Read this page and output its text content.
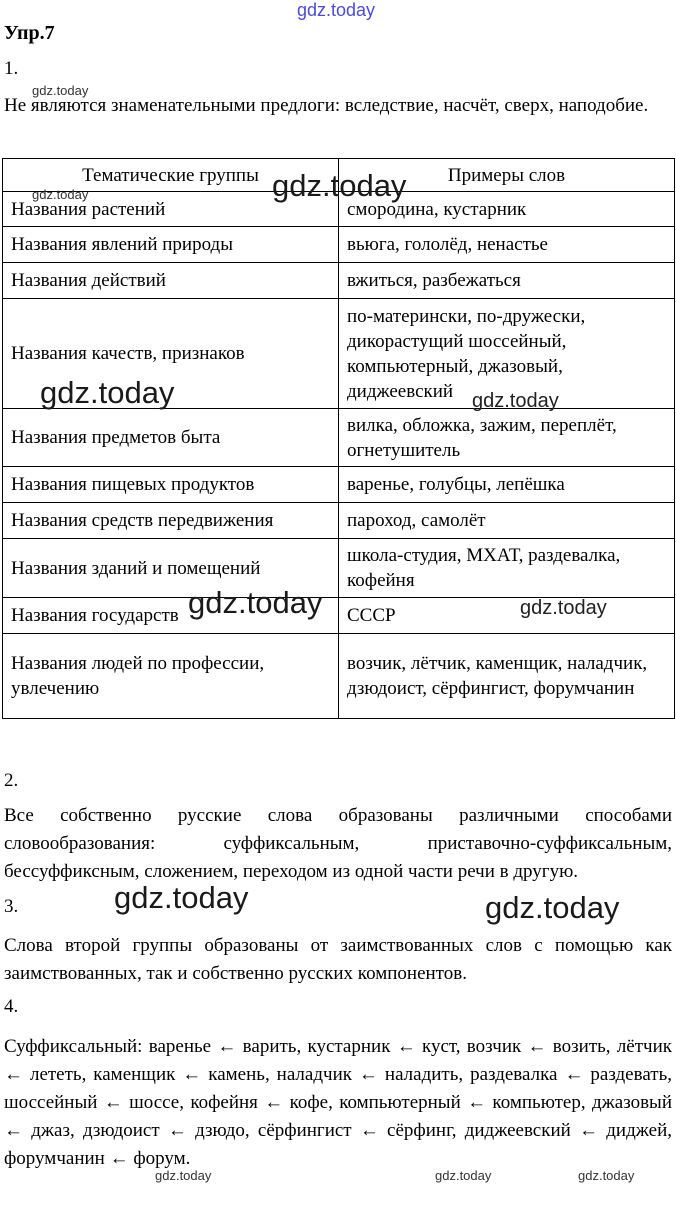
Упр.7
1.
Не являются знаменательными предлоги: вследствие, насчёт, сверх, наподобие.
Тематические группы	Примеры слов
Названия растений	смородина, кустарник
Названия явлений природы	вьюга, гололёд, ненастье
Названия действий	вжиться, разбежаться
Названия качеств, признаков	по-матерински, по-дружески, дикорастущий шоссейный, компьютерный, джазовый, диджеевский
Названия предметов быта	вилка, обложка, зажим, переплёт, огнетушитель
Названия пищевых продуктов	варенье, голубцы, лепёшка
Названия средств передвижения	пароход, самолёт
Названия зданий и помещений	школа-студия, МХАТ, раздевалка, кофейня
Названия государств	СССР
Названия людей по профессии, увлечению	возчик, лётчик, каменщик, наладчик, дзюдоист, сёрфингист, форумчанин
2.
Все собственно русские слова образованы различными способами словообразования: суффиксальным, приставочно-суффиксальным, бессуффиксным, сложением, переходом из одной части речи в другую.
3.
Слова второй группы образованы от заимствованных слов с помощью как заимствованных, так и собственно русских компонентов.
4.
Суффиксальный: варенье ← варить, кустарник ← куст, возчик ← возить, лётчик ← лететь, каменщик ← камень, наладчик ← наладить, раздевалка ← раздевать, шоссейный ← шоссе, кофейня ← кофе, компьютерный ← компьютер, джазовый ← джаз, дзюдоист ← дзюдо, сёрфингист ← сёрфинг, диджеевский ← диджей, форумчанин ← форум.
gdz.today
gdz.today
gdz.today
gdz.today
gdz.today	gdz.today
gdz.today	gdz.today
gdz.today	gdz.today
gdz.today	gdz.today	gdz.today
